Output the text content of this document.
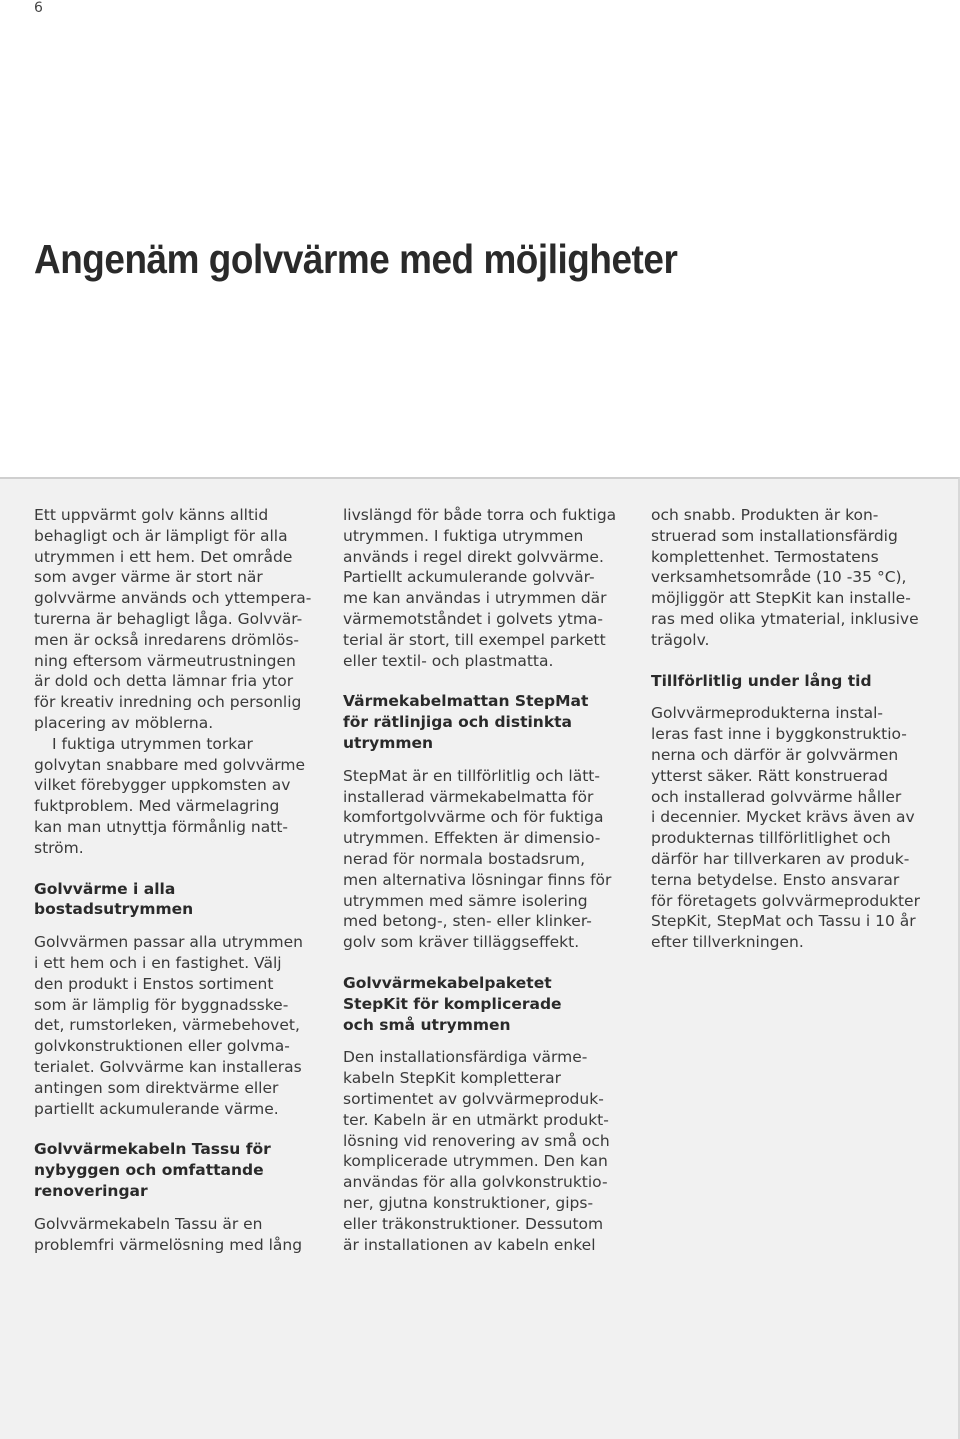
6
Angenäm golvvärme med möjligheter

Ett uppvärmt golv känns alltid
behagligt och är lämpligt för alla
utrymmen i ett hem. Det område
som avger värme är stort när
golvvärme används och yttempera-
turerna är behagligt låga. Golvvär-
men är också inredarens drömlös-
ning eftersom värmeutrustningen
är dold och detta lämnar fria ytor
för kreativ inredning och personlig
placering av möblerna.

I fuktiga utrymmen torkar
golvytan snabbare med golvvärme
vilket förebygger uppkomsten av
fuktproblem. Med värmelagring
kan man utnyttja förmånlig natt-
ström.

Golvvärme i alla
bostadsutrymmen

Golvvärmen passar alla utrymmen
i ett hem och i en fastighet. Välj
den produkt i Enstos sortiment
som är lämplig för byggnadsske-
det, rumstorleken, värmebehovet,
golvkonstruktionen eller golvma-
terialet. Golvvärme kan installeras
antingen som direktvärme eller
partiellt ackumulerande värme.

Golvvärmekabeln Tassu för
nybyggen och omfattande
renoveringar

Golvvärmekabeln Tassu är en
problemfri värmelösning med lång

livslängd för både torra och fuktiga
utrymmen. I fuktiga utrymmen
används i regel direkt golvvärme.
Partiellt ackumulerande golvvär-
me kan användas i utrymmen där
värmemotståndet i golvets ytma-
terial är stort, till exempel parkett
eller textil- och plastmatta.

Värmekabelmattan StepMat
för rätlinjiga och distinkta
utrymmen

StepMat är en tillförlitlig och lätt-
installerad värmekabelmatta för
komfortgolvvärme och för fuktiga
utrymmen. Effekten är dimensio-
nerad för normala bostadsrum,
men alternativa lösningar finns för
utrymmen med sämre isolering
med betong-, sten- eller klinker-
golv som kräver tilläggseffekt.

Golvvärmekabelpaketet
StepKit för komplicerade
och små utrymmen

Den installationsfärdiga värme-
kabeln StepKit kompletterar
sortimentet av golvvärmeproduk-
ter. Kabeln är en utmärkt produkt-
lösning vid renovering av små och
komplicerade utrymmen. Den kan
användas för alla golvkonstruktio-
ner, gjutna konstruktioner, gips-
eller träkonstruktioner. Dessutom
är installationen av kabeln enkel

och snabb. Produkten är kon-
struerad som installationsfärdig
komplettenhet. Termostatens
verksamhetsområde (10 -35 °C),
möjliggör att StepKit kan installe-
ras med olika ytmaterial, inklusive
trägolv.

Tillförlitlig under lång tid

Golvvärmeprodukterna instal-
leras fast inne i byggkonstruktio-
nerna och därför är golvvärmen
ytterst säker. Rätt konstruerad
och installerad golvvärme håller
i decennier. Mycket krävs även av
produkternas tillförlitlighet och
därför har tillverkaren av produk-
terna betydelse. Ensto ansvarar
för företagets golvvärmeprodukter
StepKit, StepMat och Tassu i 10 år
efter tillverkningen.
